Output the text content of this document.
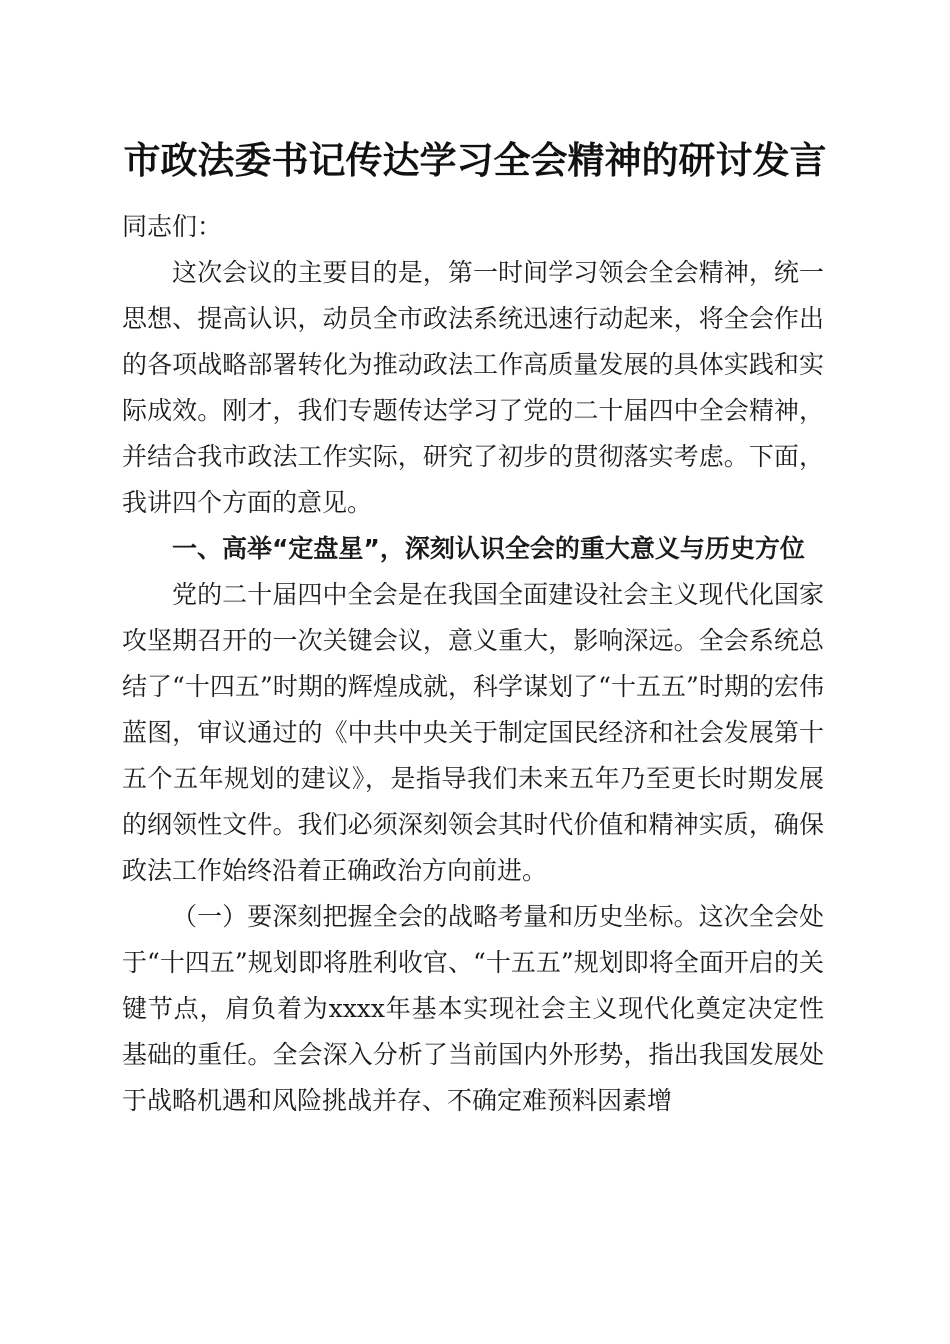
市政法委书记传达学习全会精神的研讨发言

同志们：

这次会议的主要目的是，第一时间学习领会全会精神，统一思想、提高认识，动员全市政法系统迅速行动起来，将全会作出的各项战略部署转化为推动政法工作高质量发展的具体实践和实际成效。刚才，我们专题传达学习了党的二十届四中全会精神，并结合我市政法工作实际，研究了初步的贯彻落实考虑。下面，我讲四个方面的意见。

一、高举“定盘星”，深刻认识全会的重大意义与历史方位

党的二十届四中全会是在我国全面建设社会主义现代化国家攻坚期召开的一次关键会议，意义重大，影响深远。全会系统总结了“十四五”时期的辉煌成就，科学谋划了“十五五”时期的宏伟蓝图，审议通过的《中共中央关于制定国民经济和社会发展第十五个五年规划的建议》，是指导我们未来五年乃至更长时期发展的纲领性文件。我们必须深刻领会其时代价值和精神实质，确保政法工作始终沿着正确政治方向前进。

（一）要深刻把握全会的战略考量和历史坐标。这次全会处于“十四五”规划即将胜利收官、“十五五”规划即将全面开启的关键节点，肩负着为xxxx年基本实现社会主义现代化奠定决定性基础的重任。全会深入分析了当前国内外形势，指出我国发展处于战略机遇和风险挑战并存、不确定难预料因素增
